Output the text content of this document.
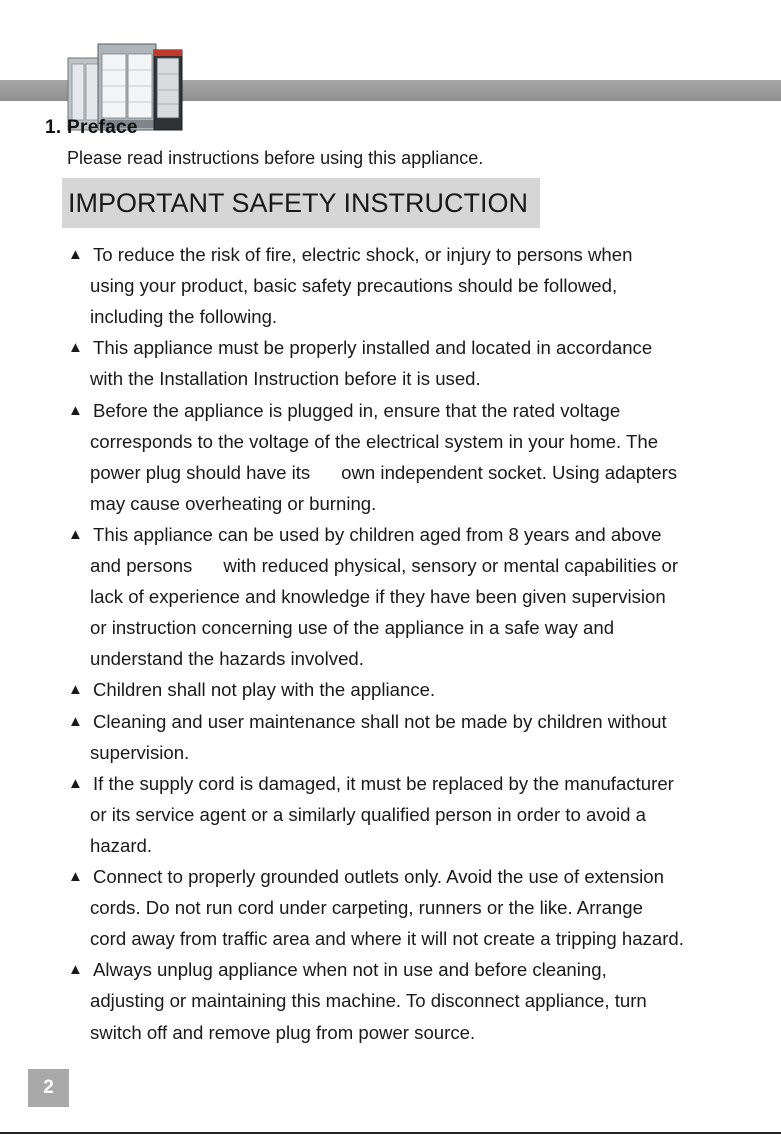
1. Preface
Please read instructions before using this appliance.
IMPORTANT SAFETY INSTRUCTION
▲ To reduce the risk of fire, electric shock, or injury to persons when
using your product, basic safety precautions should be followed,
including the following.
▲ This appliance must be properly installed and located in accordance
with the Installation Instruction before it is used.
▲ Before the appliance is plugged in, ensure that the rated voltage
corresponds to the voltage of the electrical system in your home. The
power plug should have its      own independent socket. Using adapters
may cause overheating or burning.
▲ This appliance can be used by children aged from 8 years and above
and persons      with reduced physical, sensory or mental capabilities or
lack of experience and knowledge if they have been given supervision
or instruction concerning use of the appliance in a safe way and
understand the hazards involved.
▲ Children shall not play with the appliance.
▲ Cleaning and user maintenance shall not be made by children without
supervision.
▲ If the supply cord is damaged, it must be replaced by the manufacturer
or its service agent or a similarly qualified person in order to avoid a
hazard.
▲ Connect to properly grounded outlets only. Avoid the use of extension
cords. Do not run cord under carpeting, runners or the like. Arrange
cord away from traffic area and where it will not create a tripping hazard.
▲ Always unplug appliance when not in use and before cleaning,
adjusting or maintaining this machine. To disconnect appliance, turn
switch off and remove plug from power source.
2
